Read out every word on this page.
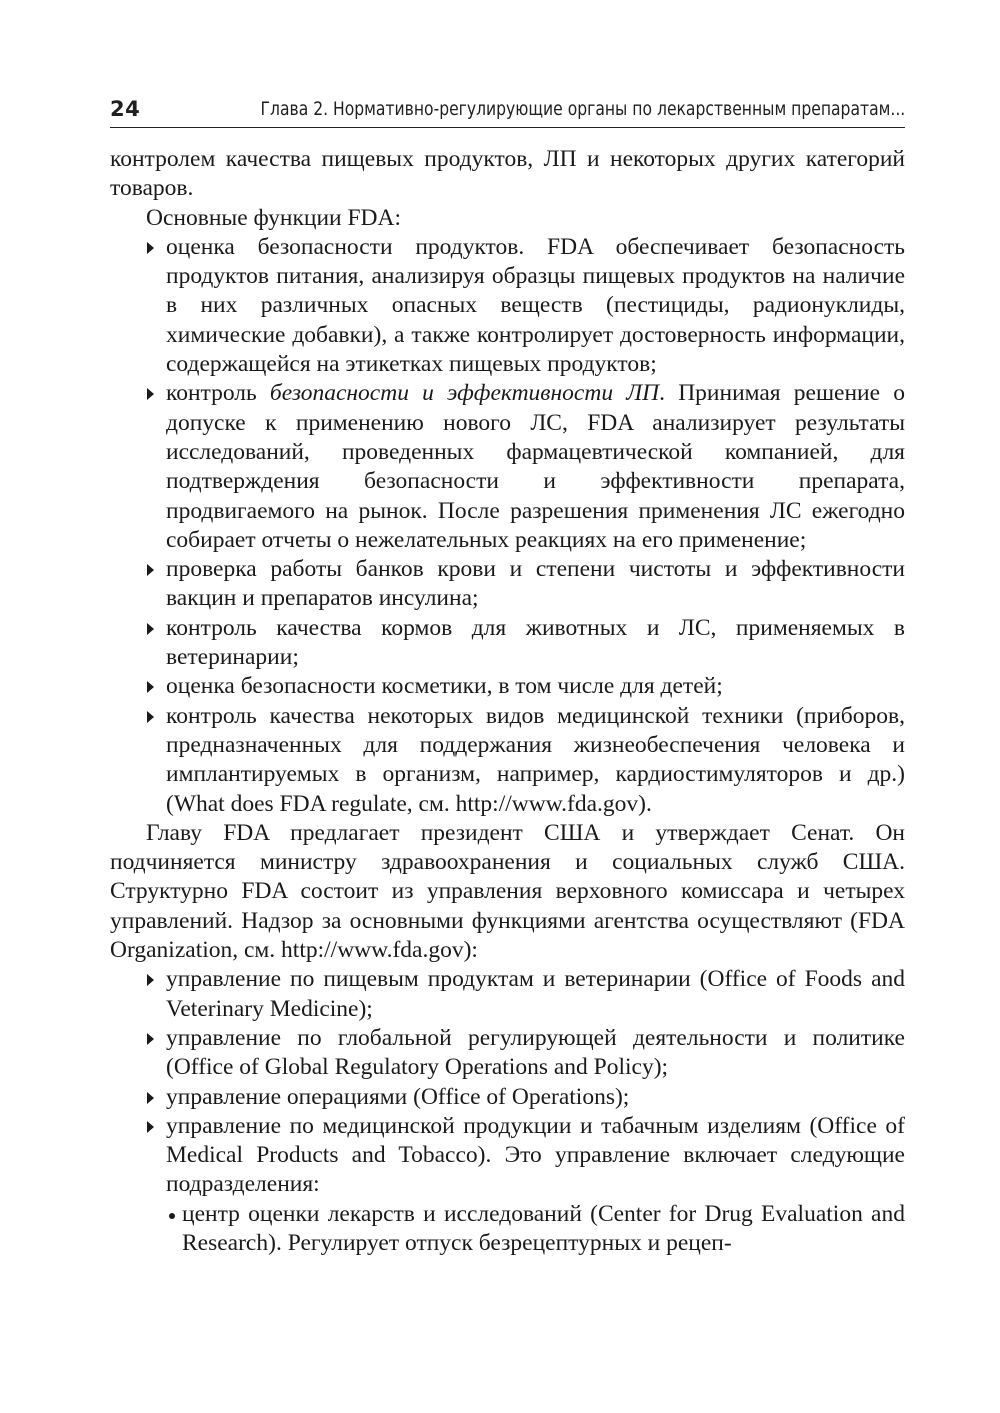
24	Глава 2. Нормативно-регулирующие органы по лекарственным препаратам...

контролем качества пищевых продуктов, ЛП и некоторых других категорий товаров.

Основные функции FDA:

оценка безопасности продуктов. FDA обеспечивает безопасность продуктов питания, анализируя образцы пищевых продуктов на наличие в них различных опасных веществ (пестициды, радионуклиды, химические добавки), а также контролирует достоверность информации, содержащейся на этикетках пищевых продуктов;
контроль безопасности и эффективности ЛП. Принимая решение о допуске к применению нового ЛС, FDA анализирует результаты исследований, проведенных фармацевтической компанией, для подтверждения безопасности и эффективности препарата, продвигаемого на рынок. После разрешения применения ЛС ежегодно собирает отчеты о нежелательных реакциях на его применение;
проверка работы банков крови и степени чистоты и эффективности вакцин и препаратов инсулина;
контроль качества кормов для животных и ЛС, применяемых в ветеринарии;
оценка безопасности косметики, в том числе для детей;
контроль качества некоторых видов медицинской техники (приборов, предназначенных для поддержания жизнеобеспечения человека и имплантируемых в организм, например, кардиостимуляторов и др.) (What does FDA regulate, см. http://www.fda.gov).

Главу FDA предлагает президент США и утверждает Сенат. Он подчиняется министру здравоохранения и социальных служб США. Структурно FDA состоит из управления верховного комиссара и четырех управлений. Надзор за основными функциями агентства осуществляют (FDA Organization, см. http://www.fda.gov):

управление по пищевым продуктам и ветеринарии (Office of Foods and Veterinary Medicine);
управление по глобальной регулирующей деятельности и политике (Office of Global Regulatory Operations and Policy);
управление операциями (Office of Operations);
управление по медицинской продукции и табачным изделиям (Office of Medical Products and Tobacco). Это управление включает следующие подразделения:
центр оценки лекарств и исследований (Center for Drug Evaluation and Research). Регулирует отпуск безрецептурных и рецеп-
